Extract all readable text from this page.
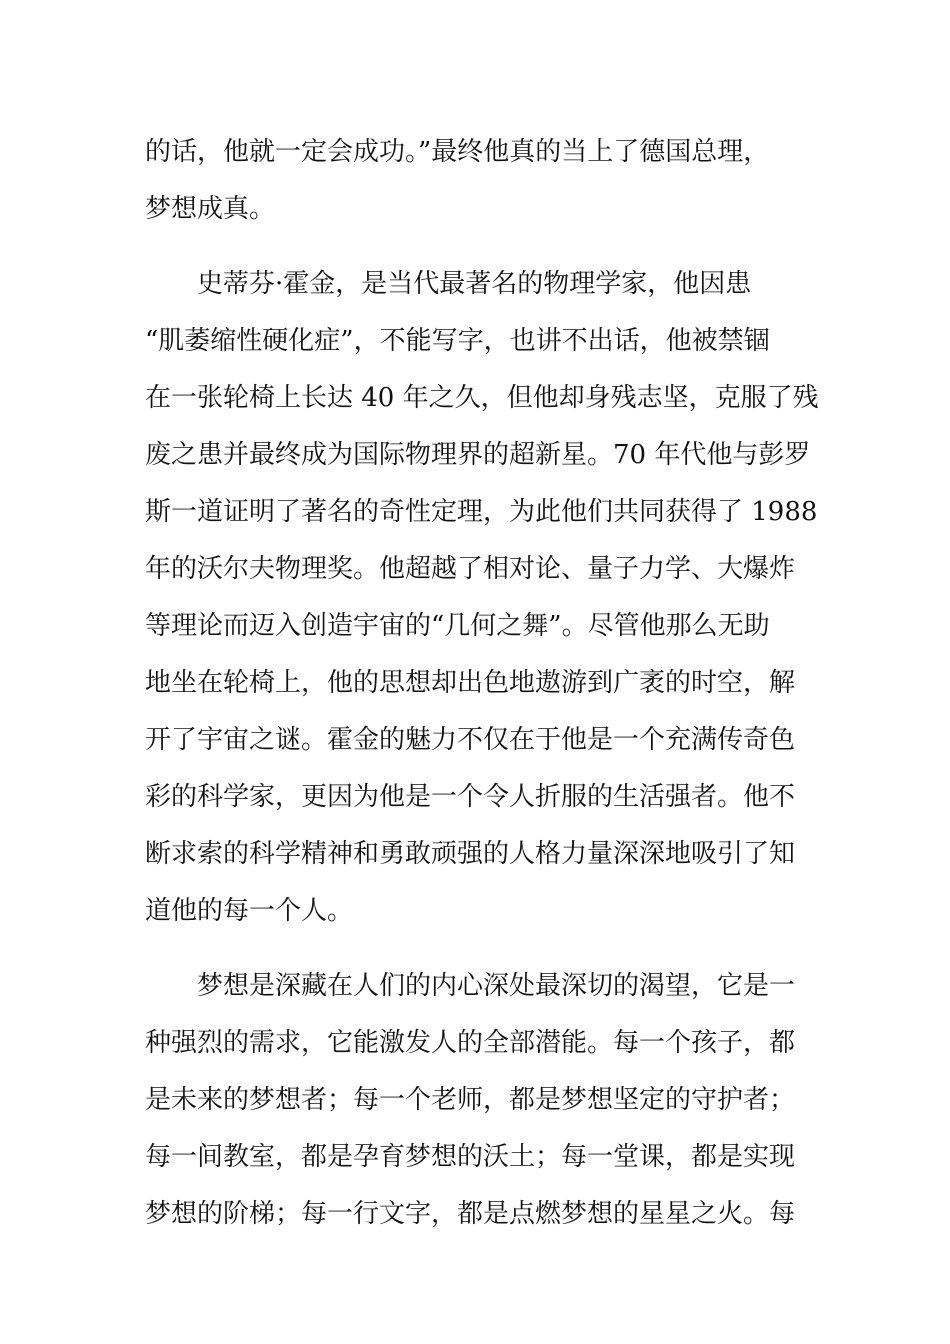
的话，他就一定会成功。”最终他真的当上了德国总理，

梦想成真。

　　史蒂芬·霍金，是当代最著名的物理学家，他因患

“肌萎缩性硬化症”，不能写字，也讲不出话，他被禁锢

在一张轮椅上长达 40 年之久，但他却身残志坚，克服了残

废之患并最终成为国际物理界的超新星。70 年代他与彭罗

斯一道证明了著名的奇性定理，为此他们共同获得了 1988

年的沃尔夫物理奖。他超越了相对论、量子力学、大爆炸

等理论而迈入创造宇宙的“几何之舞”。尽管他那么无助

地坐在轮椅上，他的思想却出色地遨游到广袤的时空，解

开了宇宙之谜。霍金的魅力不仅在于他是一个充满传奇色

彩的科学家，更因为他是一个令人折服的生活强者。他不

断求索的科学精神和勇敢顽强的人格力量深深地吸引了知

道他的每一个人。

　　梦想是深藏在人们的内心深处最深切的渴望，它是一

种强烈的需求，它能激发人的全部潜能。每一个孩子，都

是未来的梦想者；每一个老师，都是梦想坚定的守护者；

每一间教室，都是孕育梦想的沃土；每一堂课，都是实现

梦想的阶梯；每一行文字，都是点燃梦想的星星之火。每
